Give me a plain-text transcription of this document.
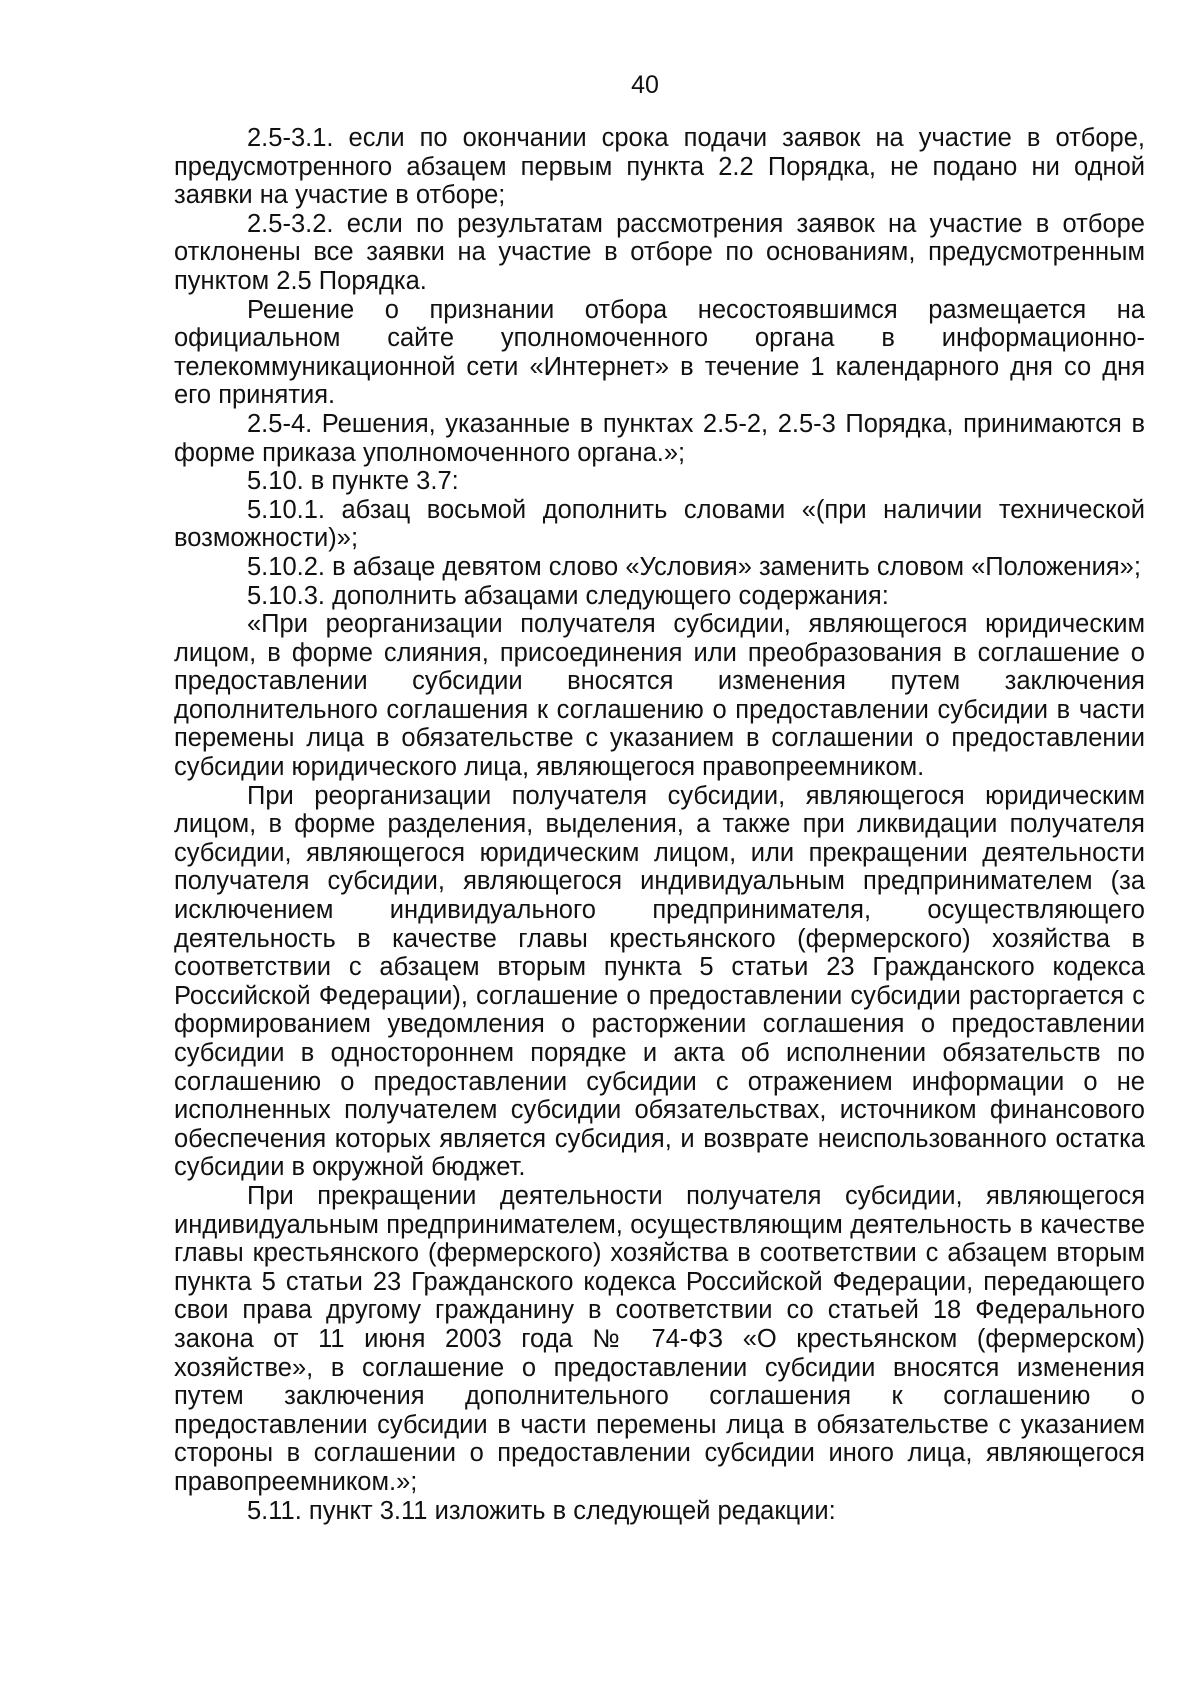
40

2.5-3.1. если по окончании срока подачи заявок на участие в отборе, предусмотренного абзацем первым пункта 2.2 Порядка, не подано ни одной заявки на участие в отборе;

2.5-3.2. если по результатам рассмотрения заявок на участие в отборе отклонены все заявки на участие в отборе по основаниям, предусмотренным пунктом 2.5 Порядка.

Решение о признании отбора несостоявшимся размещается на официальном сайте уполномоченного органа в информационно-телекоммуникационной сети «Интернет» в течение 1 календарного дня со дня его принятия.

2.5-4. Решения, указанные в пунктах 2.5-2, 2.5-3 Порядка, принимаются в форме приказа уполномоченного органа.»;

5.10. в пункте 3.7:

5.10.1. абзац восьмой дополнить словами «(при наличии технической возможности)»;

5.10.2. в абзаце девятом слово «Условия» заменить словом «Положения»;

5.10.3. дополнить абзацами следующего содержания:

«При реорганизации получателя субсидии, являющегося юридическим лицом, в форме слияния, присоединения или преобразования в соглашение о предоставлении субсидии вносятся изменения путем заключения дополнительного соглашения к соглашению о предоставлении субсидии в части перемены лица в обязательстве с указанием в соглашении о предоставлении субсидии юридического лица, являющегося правопреемником.

При реорганизации получателя субсидии, являющегося юридическим лицом, в форме разделения, выделения, а также при ликвидации получателя субсидии, являющегося юридическим лицом, или прекращении деятельности получателя субсидии, являющегося индивидуальным предпринимателем (за исключением индивидуального предпринимателя, осуществляющего деятельность в качестве главы крестьянского (фермерского) хозяйства в соответствии с абзацем вторым пункта 5 статьи 23 Гражданского кодекса Российской Федерации), соглашение о предоставлении субсидии расторгается с формированием уведомления о расторжении соглашения о предоставлении субсидии в одностороннем порядке и акта об исполнении обязательств по соглашению о предоставлении субсидии с отражением информации о не исполненных получателем субсидии обязательствах, источником финансового обеспечения которых является субсидия, и возврате неиспользованного остатка субсидии в окружной бюджет.

При прекращении деятельности получателя субсидии, являющегося индивидуальным предпринимателем, осуществляющим деятельность в качестве главы крестьянского (фермерского) хозяйства в соответствии с абзацем вторым пункта 5 статьи 23 Гражданского кодекса Российской Федерации, передающего свои права другому гражданину в соответствии со статьей 18 Федерального закона от 11 июня 2003 года № 74-ФЗ «О крестьянском (фермерском) хозяйстве», в соглашение о предоставлении субсидии вносятся изменения путем заключения дополнительного соглашения к соглашению о предоставлении субсидии в части перемены лица в обязательстве с указанием стороны в соглашении о предоставлении субсидии иного лица, являющегося правопреемником.»;

5.11. пункт 3.11 изложить в следующей редакции:
